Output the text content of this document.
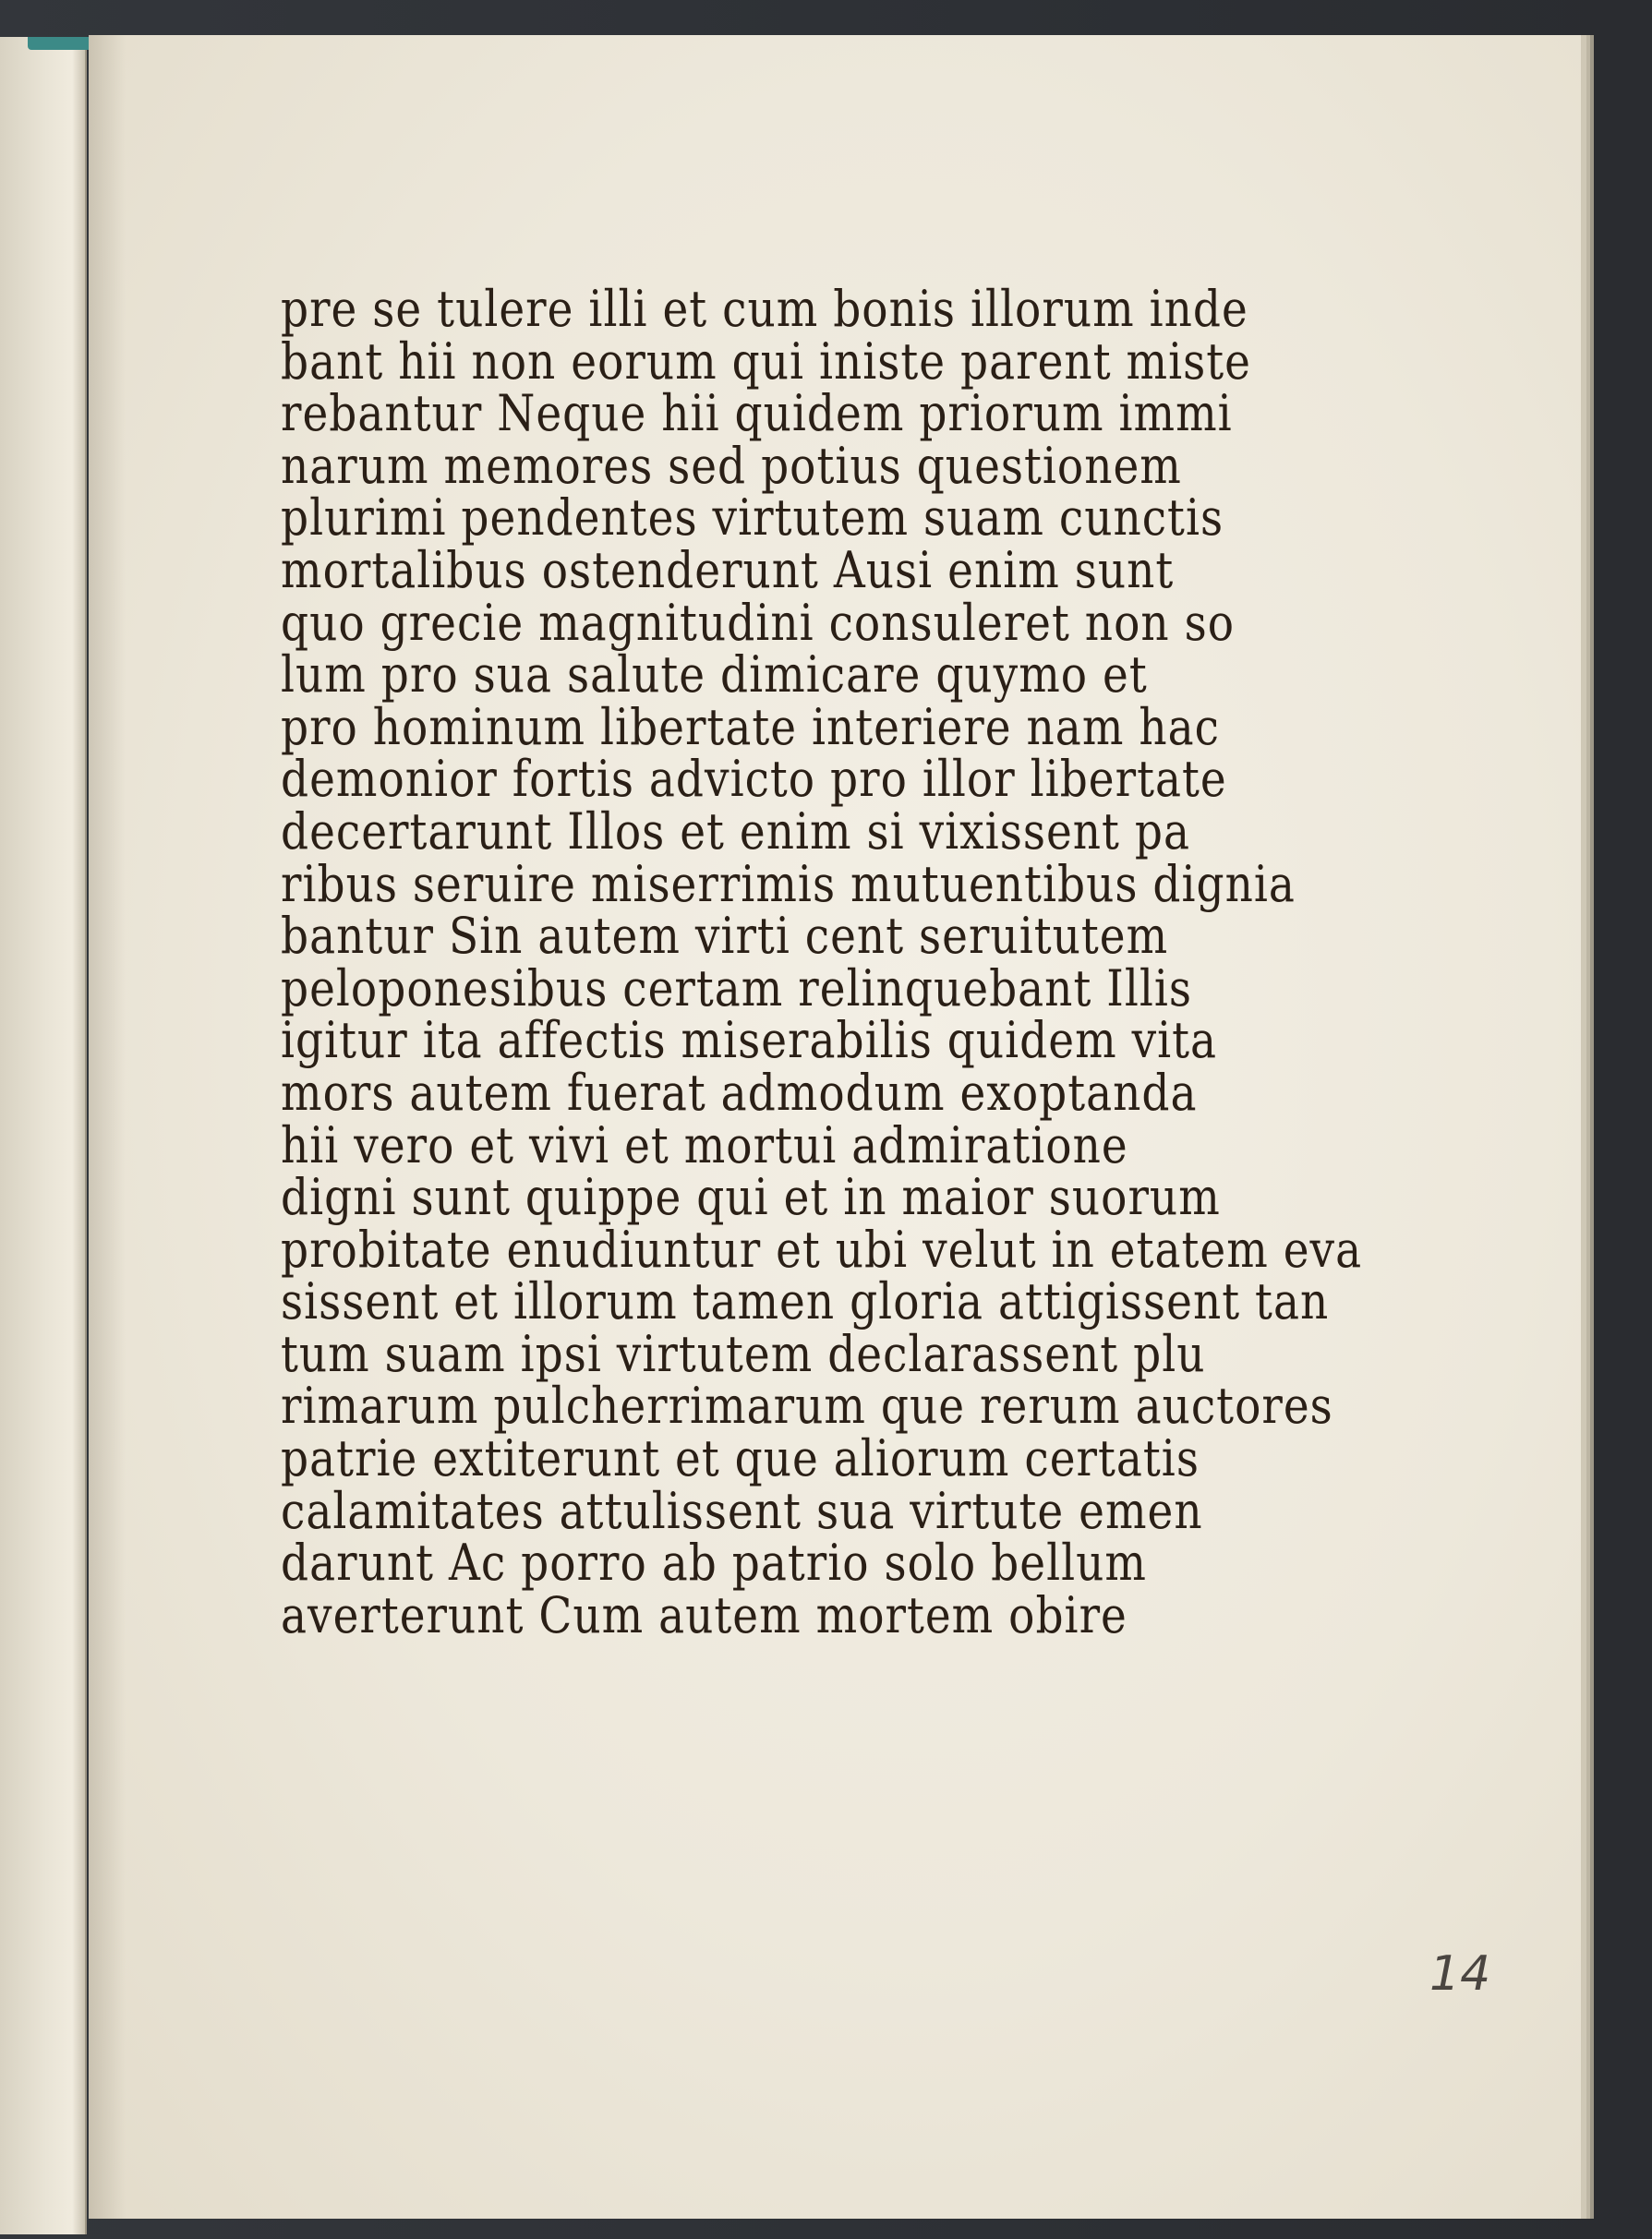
pre se tulere illi et cum bonis illorum inde
bant hii non eorum qui iniste parent miste
rebantur Neque hii quidem priorum immi
narum memores sed potius questionem
plurimi pendentes virtutem suam cunctis
mortalibus ostenderunt Ausi enim sunt
quo grecie magnitudini consuleret non so
lum pro sua salute dimicare quymo et
pro hominum libertate interiere nam hac
demonior fortis advicto pro illor libertate
decertarunt Illos et enim si vixissent pa
ribus seruire miserrimis mutuentibus dignia
bantur Sin autem virti cent seruitutem
peloponesibus certam relinquebant Illis
igitur ita affectis miserabilis quidem vita
mors autem fuerat admodum exoptanda
hii vero et vivi et mortui admiratione
digni sunt quippe qui et in maior suorum
probitate enudiuntur et ubi velut in etatem eva
sissent et illorum tamen gloria attigissent tan
tum suam ipsi virtutem declarassent plu
rimarum pulcherrimarum que rerum auctores
patrie extiterunt et que aliorum certatis
calamitates attulissent sua virtute emen
darunt Ac porro ab patrio solo bellum
averterunt Cum autem mortem obire
14
